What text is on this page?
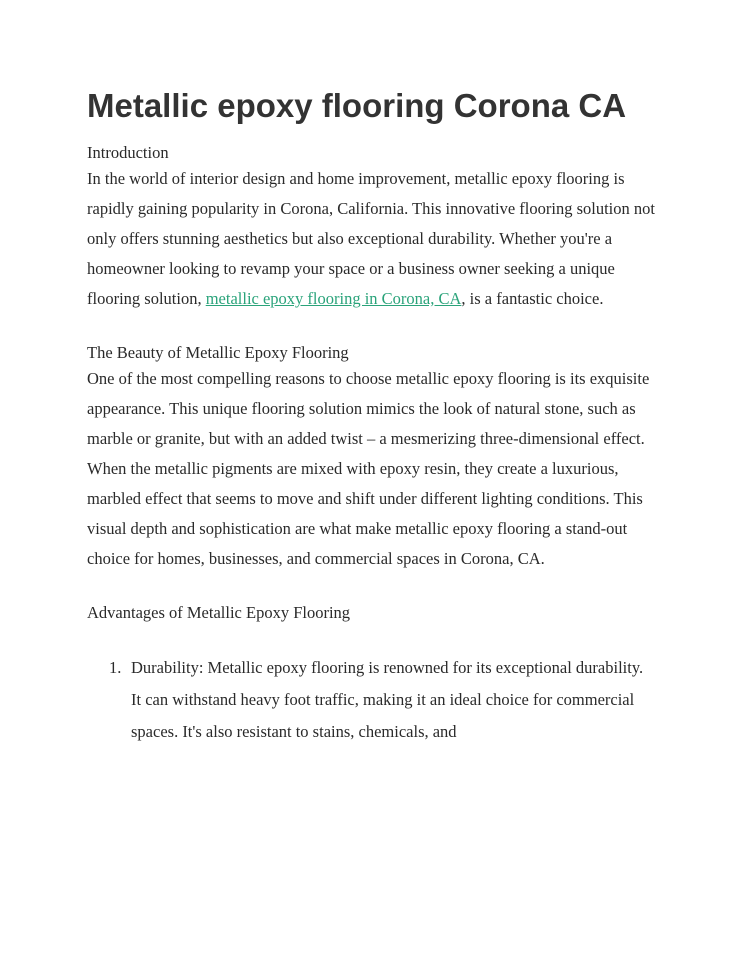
Metallic epoxy flooring Corona CA

Introduction

In the world of interior design and home improvement, metallic epoxy flooring is rapidly gaining popularity in Corona, California. This innovative flooring solution not only offers stunning aesthetics but also exceptional durability. Whether you're a homeowner looking to revamp your space or a business owner seeking a unique flooring solution, metallic epoxy flooring in Corona, CA, is a fantastic choice.

The Beauty of Metallic Epoxy Flooring

One of the most compelling reasons to choose metallic epoxy flooring is its exquisite appearance. This unique flooring solution mimics the look of natural stone, such as marble or granite, but with an added twist – a mesmerizing three-dimensional effect. When the metallic pigments are mixed with epoxy resin, they create a luxurious, marbled effect that seems to move and shift under different lighting conditions. This visual depth and sophistication are what make metallic epoxy flooring a stand-out choice for homes, businesses, and commercial spaces in Corona, CA.

Advantages of Metallic Epoxy Flooring

1. Durability: Metallic epoxy flooring is renowned for its exceptional durability. It can withstand heavy foot traffic, making it an ideal choice for commercial spaces. It's also resistant to stains, chemicals, and
